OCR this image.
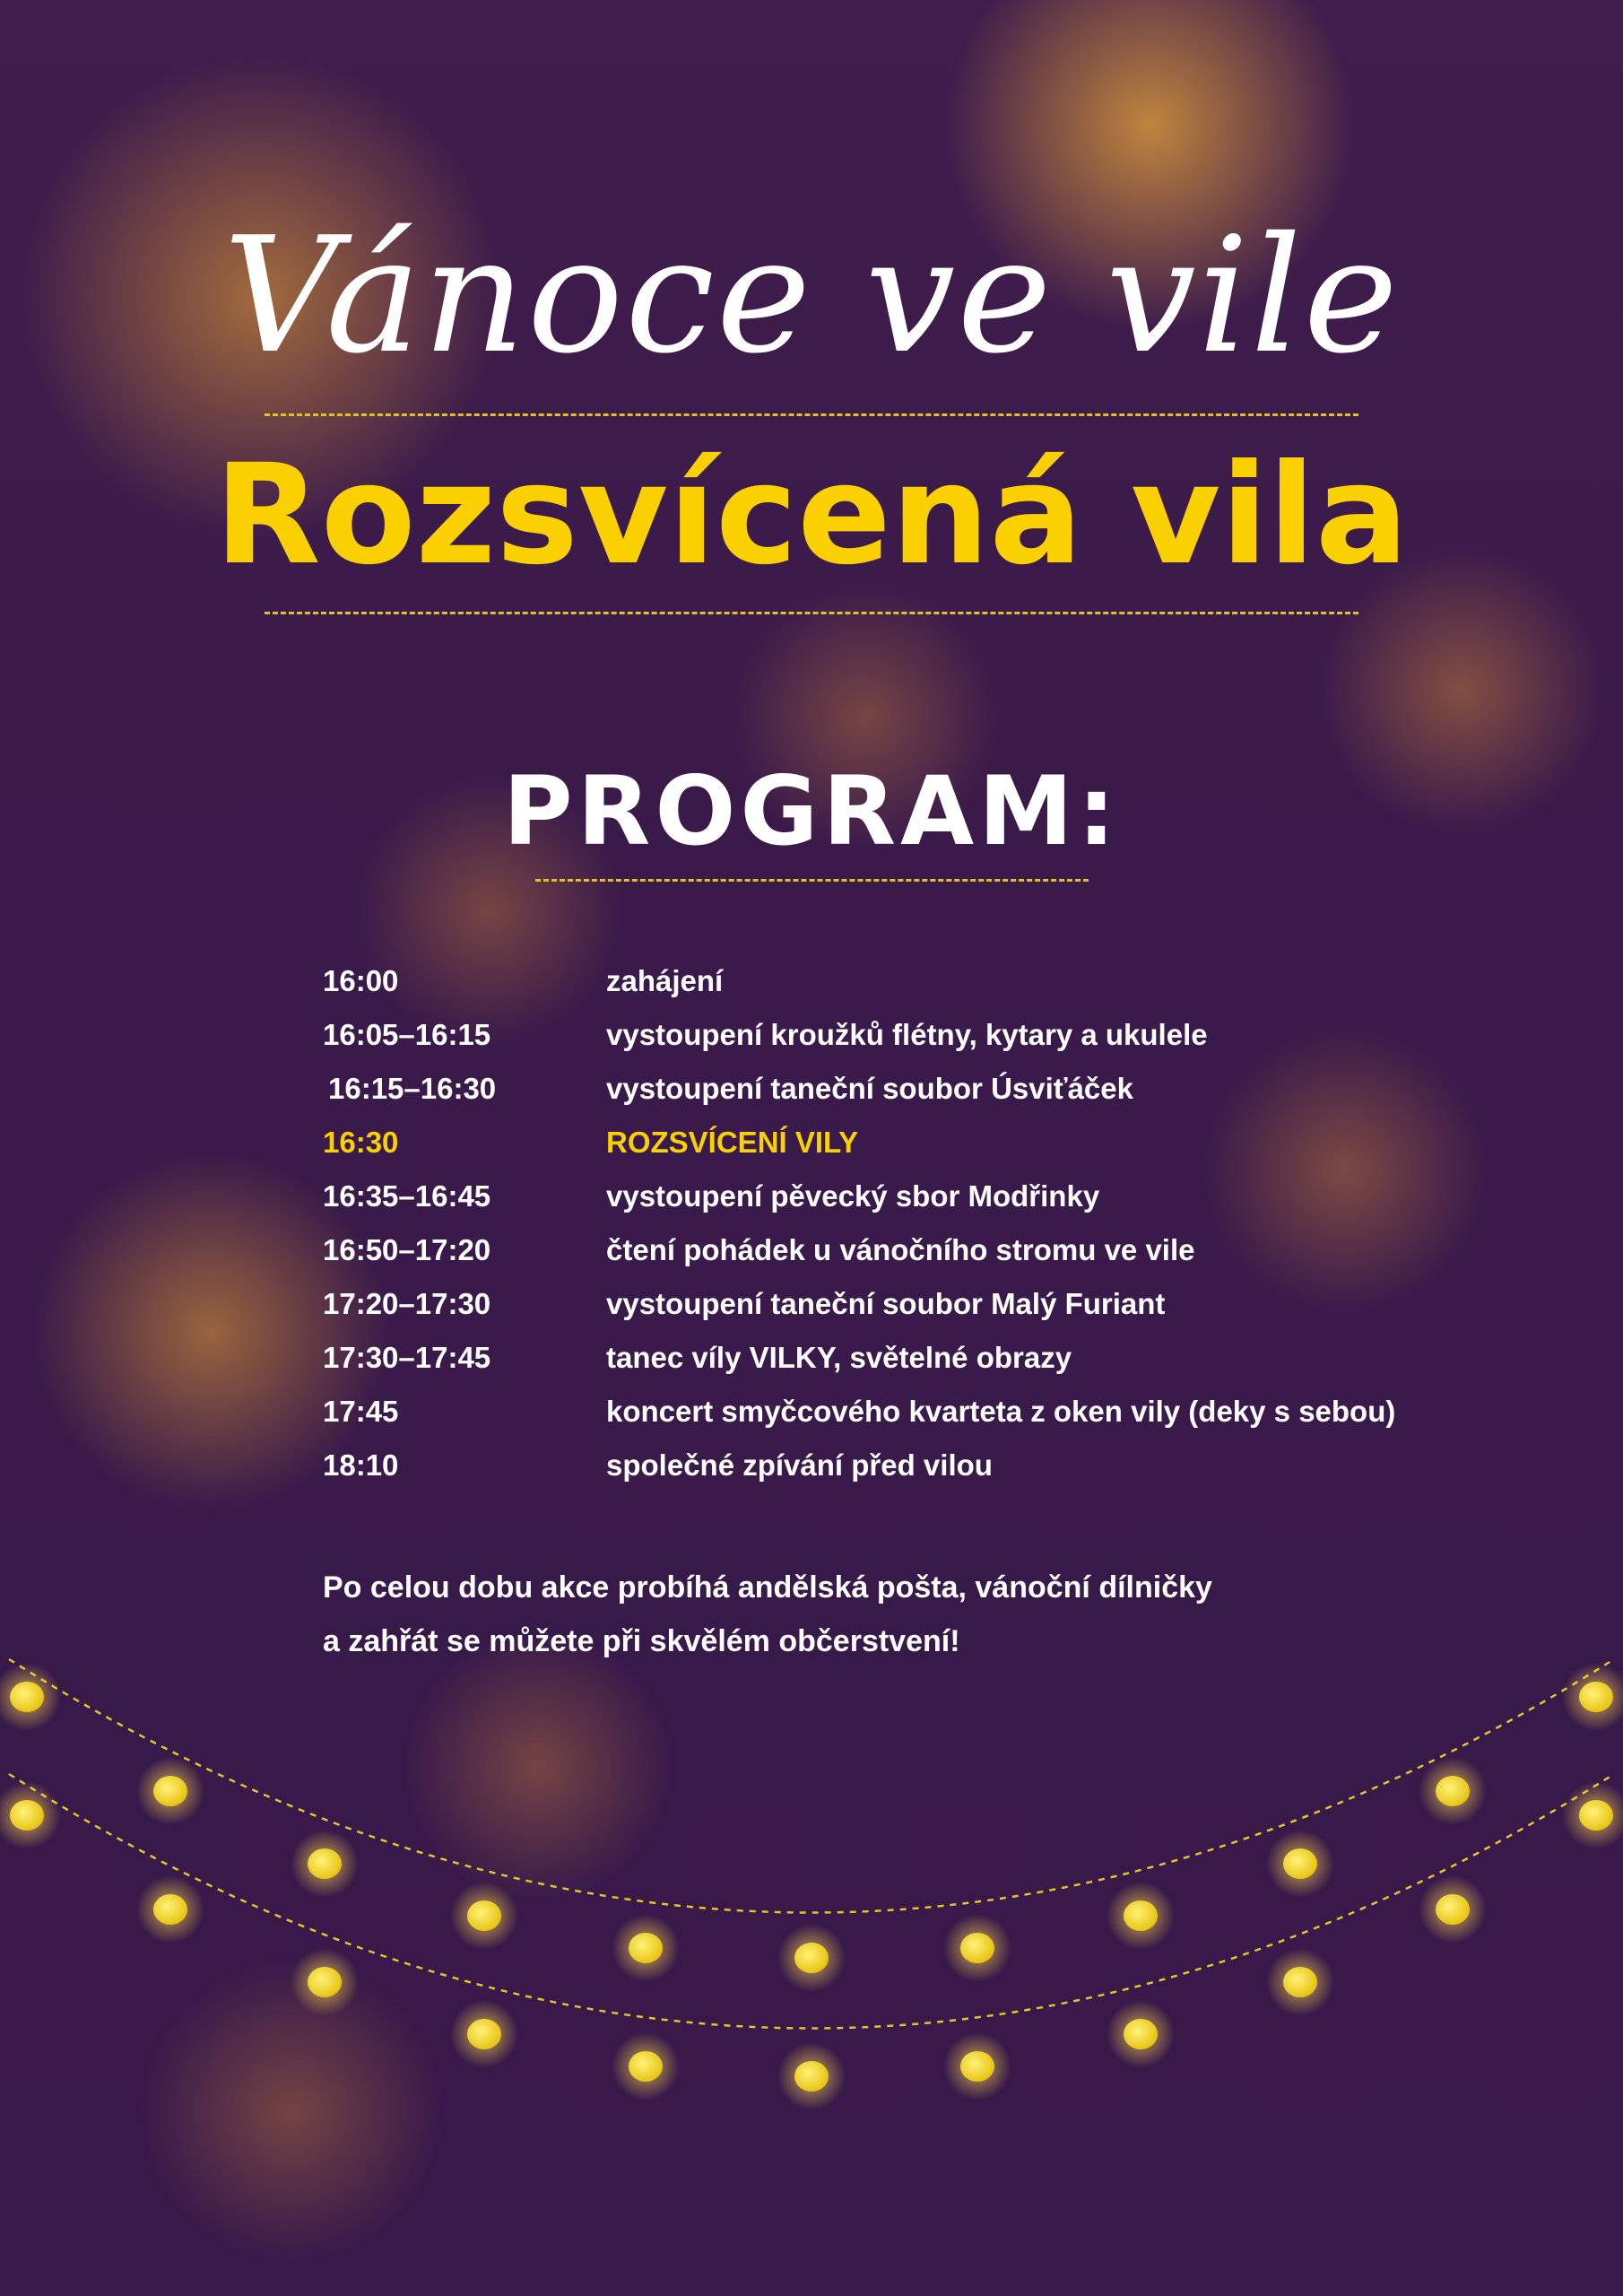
Vánoce ve vile
Rozsvícená vila
PROGRAM:
16:00	zahájení
16:05–16:15	vystoupení kroužků flétny, kytary a ukulele
16:15–16:30	vystoupení taneční soubor Úsviťáček
16:30	ROZSVÍCENÍ VILY
16:35–16:45	vystoupení pěvecký sbor Modřinky
16:50–17:20	čtení pohádek u vánočního stromu ve vile
17:20–17:30	vystoupení taneční soubor Malý Furiant
17:30–17:45	tanec víly VILKY, světelné obrazy
17:45	koncert smyčcového kvarteta z oken vily (deky s sebou)
18:10	společné zpívání před vilou

Po celou dobu akce probíhá andělská pošta, vánoční dílničky

a zahřát se můžete při skvělém občerstvení!
